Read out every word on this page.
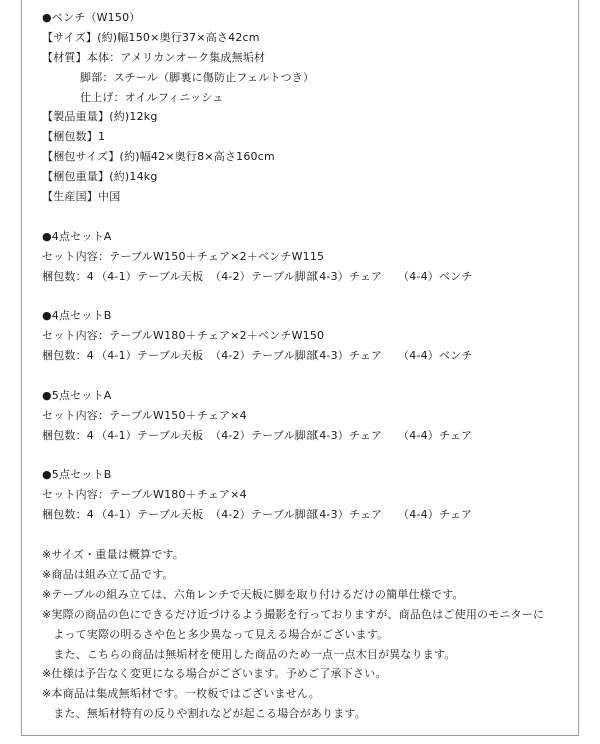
●ベンチ（W150）
【サイズ】(約)幅150×奥行37×高さ42cm
【材質】本体：アメリカンオーク集成無垢材
脚部：スチール（脚裏に傷防止フェルトつき）
仕上げ：オイルフィニッシュ
【製品重量】(約)12kg
【梱包数】1
【梱包サイズ】(約)幅42×奥行8×高さ160cm
【梱包重量】(約)14kg
【生産国】中国
●4点セットA
セット内容：テーブルW150＋チェア×2＋ベンチW115
梱包数：4 （4-1）テーブル天板 （4-2）テーブル脚部
（4-3）チェア	（4-4）ベンチ
●4点セットB
セット内容：テーブルW180＋チェア×2＋ベンチW150
梱包数：4 （4-1）テーブル天板 （4-2）テーブル脚部
（4-3）チェア	（4-4）ベンチ
●5点セットA
セット内容：テーブルW150＋チェア×4
梱包数：4 （4-1）テーブル天板 （4-2）テーブル脚部
（4-3）チェア	（4-4）チェア
●5点セットB
セット内容：テーブルW180＋チェア×4
梱包数：4 （4-1）テーブル天板 （4-2）テーブル脚部
（4-3）チェア	（4-4）チェア
※サイズ・重量は概算です。
※商品は組み立て品です。
※テーブルの組み立ては、六角レンチで天板に脚を取り付けるだけの簡単仕様です。
※実際の商品の色にできるだけ近づけるよう撮影を行っておりますが、商品色はご使用のモニターに
　よって実際の明るさや色と多少異なって見える場合がございます。
　また、こちらの商品は無垢材を使用した商品のため一点一点木目が異なります。
※仕様は予告なく変更になる場合がございます。予めご了承下さい。
※本商品は集成無垢材です。一枚板ではございません。
　また、無垢材特有の反りや割れなどが起こる場合があります。
